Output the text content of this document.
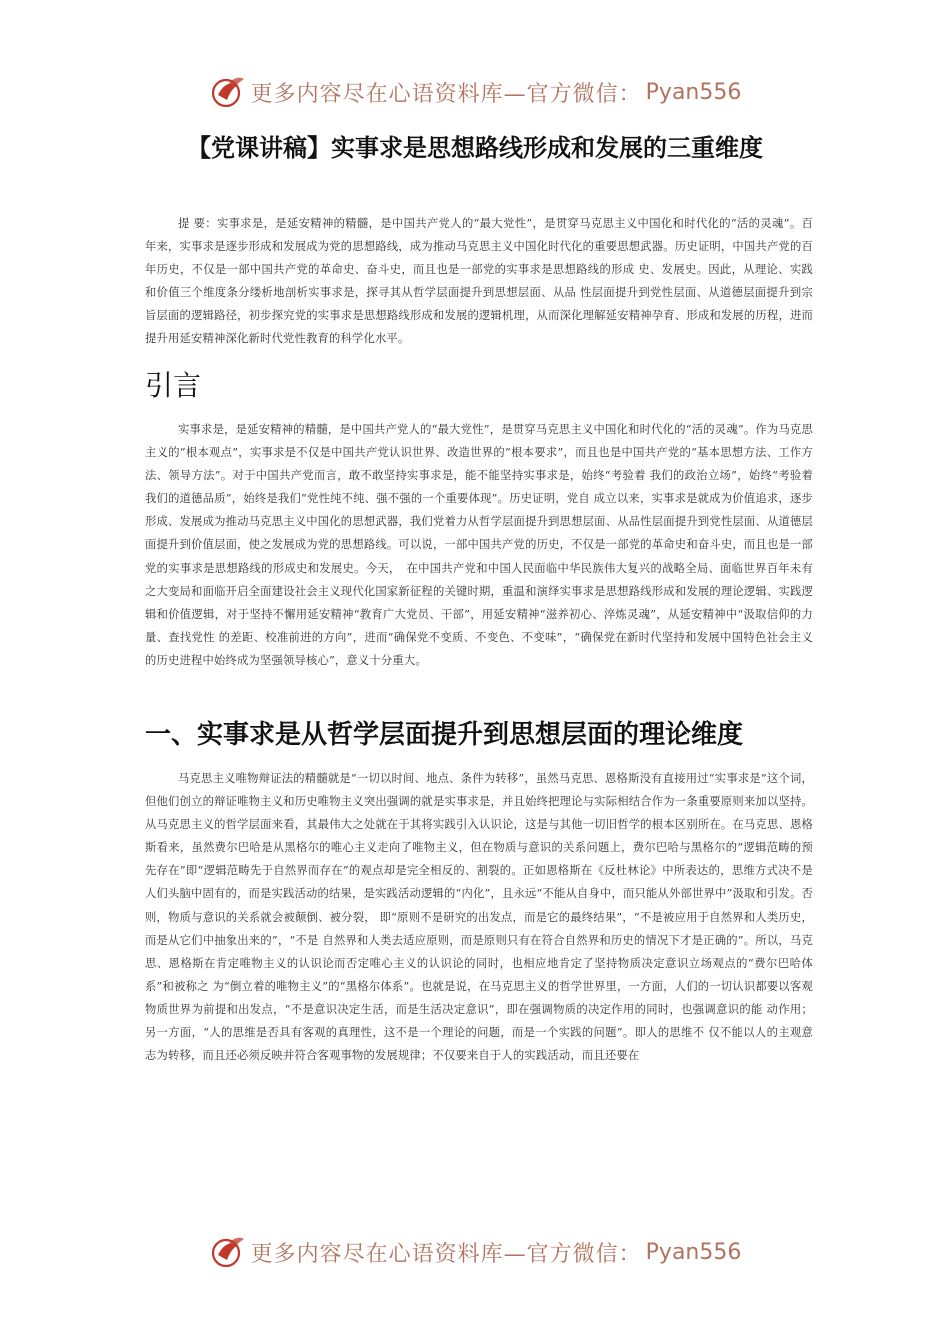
更多内容尽在心语资料库—官方微信： Pyan556
【党课讲稿】实事求是思想路线形成和发展的三重维度

提 要：实事求是，是延安精神的精髓，是中国共产党人的“最大党性”，是贯穿马克思主义中国化和时代化的“活的灵魂”。百年来，实事求是逐步形成和发展成为党的思想路线，成为推动马克思主义中国化时代化的重要思想武器。历史证明，中国共产党的百年历史，不仅是一部中国共产党的革命史、奋斗史，而且也是一部党的实事求是思想路线的形成 史、发展史。因此，从理论、实践和价值三个维度条分缕析地剖析实事求是，探寻其从哲学层面提升到思想层面、从品 性层面提升到党性层面、从道德层面提升到宗旨层面的逻辑路径，初步探究党的实事求是思想路线形成和发展的逻辑机理，从而深化理解延安精神孕育、形成和发展的历程，进而提升用延安精神深化新时代党性教育的科学化水平。

引言

实事求是，是延安精神的精髓，是中国共产党人的“最大党性”，是贯穿马克思主义中国化和时代化的“活的灵魂”。作为马克思主义的“根本观点”，实事求是不仅是中国共产党认识世界、改造世界的“根本要求”，而且也是中国共产党的“基本思想方法、工作方法、领导方法”。对于中国共产党而言，敢不敢坚持实事求是，能不能坚持实事求是，始终“考验着 我们的政治立场”，始终“考验着我们的道德品质”，始终是我们“党性纯不纯、强不强的一个重要体现”。历史证明，党自 成立以来，实事求是就成为价值追求，逐步形成、发展成为推动马克思主义中国化的思想武器，我们党着力从哲学层面提升到思想层面、从品性层面提升到党性层面、从道德层面提升到价值层面，使之发展成为党的思想路线。可以说，一部中国共产党的历史，不仅是一部党的革命史和奋斗史，而且也是一部党的实事求是思想路线的形成史和发展史。今天，　在中国共产党和中国人民面临中华民族伟大复兴的战略全局、面临世界百年未有之大变局和面临开启全面建设社会主义现代化国家新征程的关键时期，重温和演绎实事求是思想路线形成和发展的理论逻辑、实践逻辑和价值逻辑，对于坚持不懈用延安精神“教育广大党员、干部”，用延安精神“滋养初心、淬炼灵魂”，从延安精神中“汲取信仰的力量、查找党性 的差距、校准前进的方向”，进而“确保党不变质、不变色、不变味”，“确保党在新时代坚持和发展中国特色社会主义的历史进程中始终成为坚强领导核心”，意义十分重大。

一、实事求是从哲学层面提升到思想层面的理论维度

马克思主义唯物辩证法的精髓就是“一切以时间、地点、条件为转移”，虽然马克思、恩格斯没有直接用过“实事求是”这个词，但他们创立的辩证唯物主义和历史唯物主义突出强调的就是实事求是，并且始终把理论与实际相结合作为一条重要原则来加以坚持。从马克思主义的哲学层面来看，其最伟大之处就在于其将实践引入认识论，这是与其他一切旧哲学的根本区别所在。在马克思、恩格斯看来，虽然费尔巴哈是从黑格尔的唯心主义走向了唯物主义，但在物质与意识的关系问题上，费尔巴哈与黑格尔的“逻辑范畴的预先存在”即“逻辑范畴先于自然界而存在”的观点却是完全相反的、割裂的。正如恩格斯在《反杜林论》中所表达的，思维方式决不是人们头脑中固有的，而是实践活动的结果，是实践活动逻辑的“内化”，且永远“不能从自身中，而只能从外部世界中”汲取和引发。否则，物质与意识的关系就会被颠倒、被分裂， 即“原则不是研究的出发点，而是它的最终结果”，“不是被应用于自然界和人类历史，而是从它们中抽象出来的”，“不是 自然界和人类去适应原则，而是原则只有在符合自然界和历史的情况下才是正确的”。所以，马克思、恩格斯在肯定唯物主义的认识论而否定唯心主义的认识论的同时，也相应地肯定了坚持物质决定意识立场观点的“费尔巴哈体系”和被称之 为“倒立着的唯物主义”的“黑格尔体系”。也就是说，在马克思主义的哲学世界里，一方面，人们的一切认识都要以客观物质世界为前提和出发点，“不是意识决定生活，而是生活决定意识”，即在强调物质的决定作用的同时，也强调意识的能 动作用；另一方面，“人的思维是否具有客观的真理性，这不是一个理论的问题，而是一个实践的问题”。即人的思维不 仅不能以人的主观意志为转移，而且还必须反映并符合客观事物的发展规律；不仅要来自于人的实践活动，而且还要在

更多内容尽在心语资料库—官方微信： Pyan556
